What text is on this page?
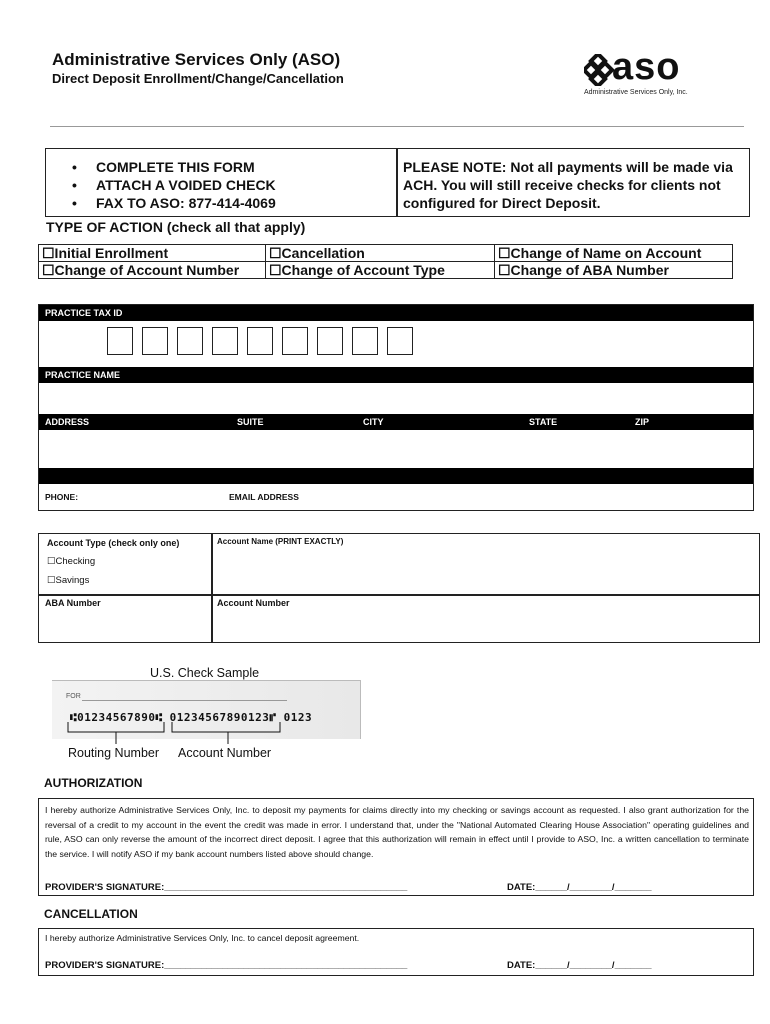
Administrative Services Only (ASO)
Direct Deposit Enrollment/Change/Cancellation	aso
Administrative Services Only, Inc.
• COMPLETE THIS FORM
• ATTACH A VOIDED CHECK
• FAX TO ASO: 877-414-4069
PLEASE NOTE: Not all payments will be made via ACH. You will still receive checks for clients not configured for Direct Deposit.
TYPE OF ACTION (check all that apply)
☐Initial Enrollment	☐Cancellation	☐Change of Name on Account
☐Change of Account Number	☐Change of Account Type	☐Change of ABA Number
PRACTICE TAX ID
PRACTICE NAME
ADDRESS	SUITE	CITY	STATE	ZIP
PHONE:	EMAIL ADDRESS
Account Type (check only one)
☐Checking
☐Savings
Account Name (PRINT EXACTLY)
ABA Number	Account Number
U.S. Check Sample
FOR
⑆01234567890⑆ 01234567890123⑈ 0123
Routing Number Account Number
AUTHORIZATION
I hereby authorize Administrative Services Only, Inc. to deposit my payments for claims directly into my checking or savings account as requested. I also grant authorization for the reversal of a credit to my account in the event the credit was made in error. I understand that, under the "National Automated Clearing House Association" operating guidelines and rule, ASO can only reverse the amount of the incorrect direct deposit. I agree that this authorization will remain in effect until I provide to ASO, Inc. a written cancellation to terminate the service. I will notify ASO if my bank account numbers listed above should change.
PROVIDER'S SIGNATURE:______________________________________________	DATE:______/________/_______
CANCELLATION
I hereby authorize Administrative Services Only, Inc. to cancel deposit agreement.
PROVIDER'S SIGNATURE:______________________________________________	DATE:______/________/_______
